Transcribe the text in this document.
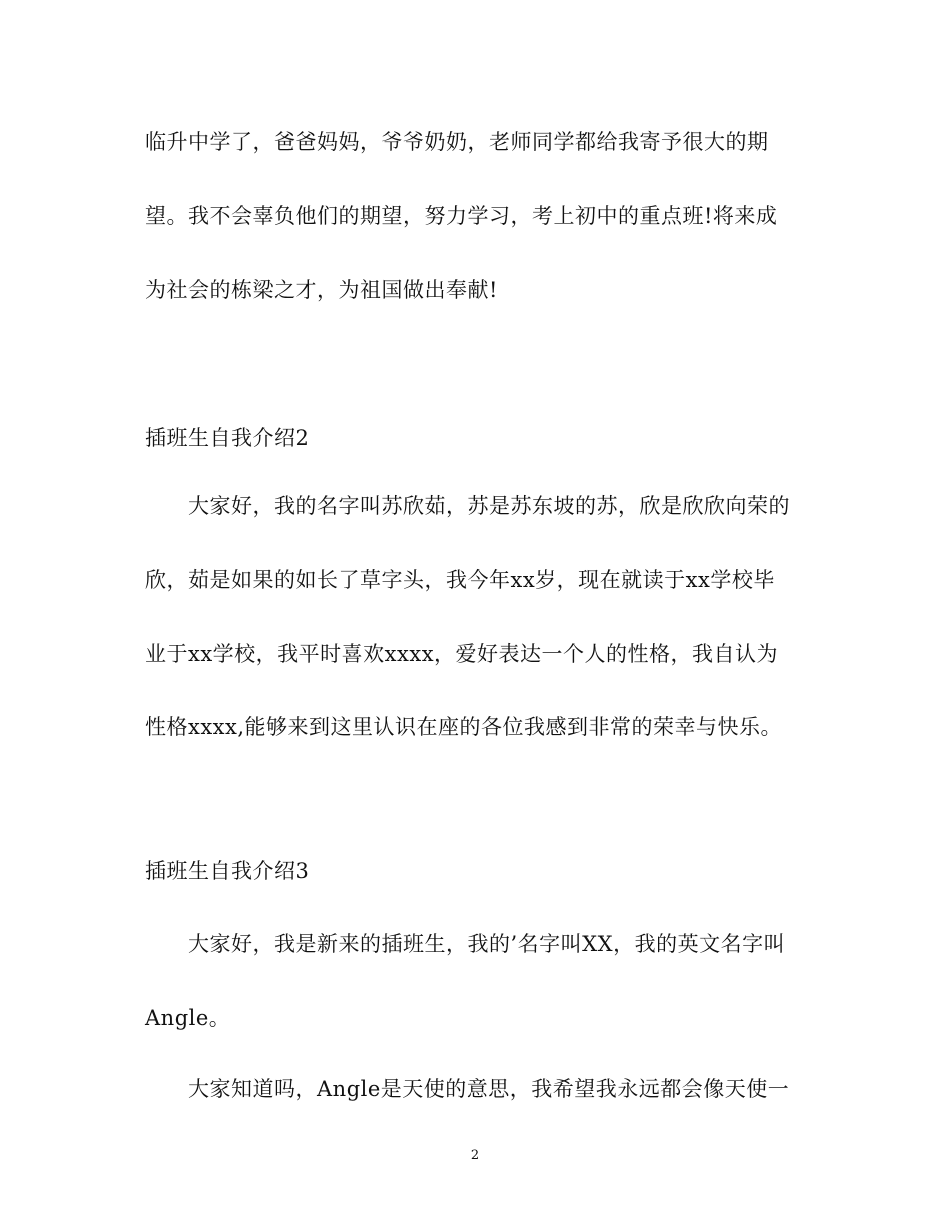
临升中学了，爸爸妈妈，爷爷奶奶，老师同学都给我寄予很大的期
望。我不会辜负他们的期望，努力学习，考上初中的重点班!将来成
为社会的栋梁之才，为祖国做出奉献!
插班生自我介绍2
大家好，我的名字叫苏欣茹，苏是苏东坡的苏，欣是欣欣向荣的
欣，茹是如果的如长了草字头，我今年xx岁，现在就读于xx学校毕
业于xx学校，我平时喜欢xxxx，爱好表达一个人的性格，我自认为
性格xxxx,能够来到这里认识在座的各位我感到非常的荣幸与快乐。
插班生自我介绍3
大家好，我是新来的插班生，我的’名字叫XX，我的英文名字叫
Angle。
大家知道吗，Angle是天使的意思，我希望我永远都会像天使一
2
